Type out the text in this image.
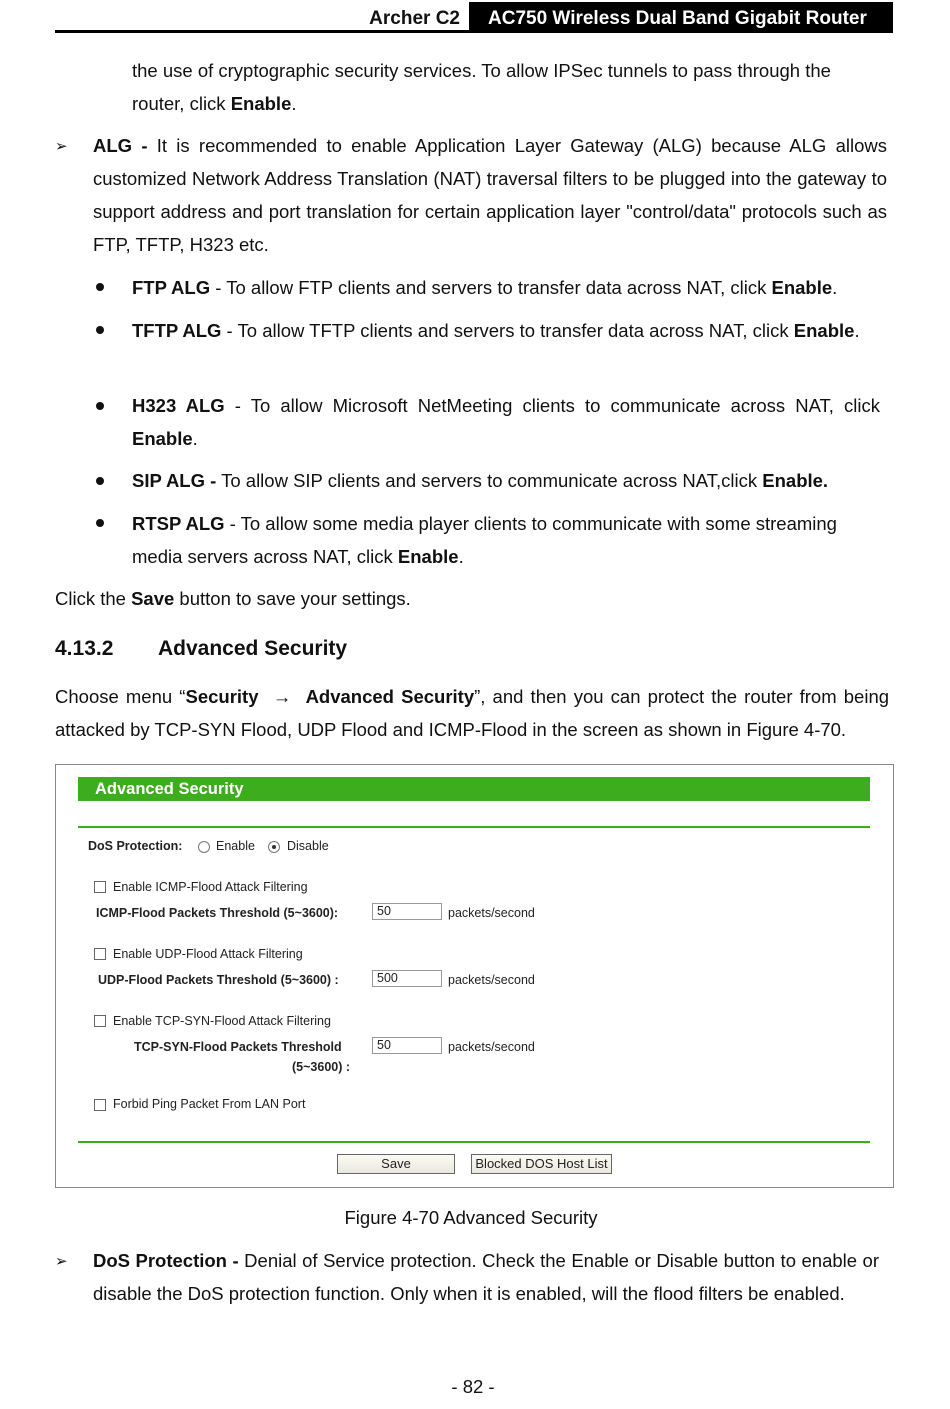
Archer C2 AC750 Wireless Dual Band Gigabit Router
the use of cryptographic security services. To allow IPSec tunnels to pass through the
router, click Enable.
➢ ALG - It is recommended to enable Application Layer Gateway (ALG) because ALG allows customized Network Address Translation (NAT) traversal filters to be plugged into the gateway to support address and port translation for certain application layer "control/data" protocols such as FTP, TFTP, H323 etc.
FTP ALG - To allow FTP clients and servers to transfer data across NAT, click Enable.
TFTP ALG - To allow TFTP clients and servers to transfer data across NAT, click Enable.
H323 ALG - To allow Microsoft NetMeeting clients to communicate across NAT, click Enable.
SIP ALG - To allow SIP clients and servers to communicate across NAT,click Enable.
RTSP ALG - To allow some media player clients to communicate with some streaming media servers across NAT, click Enable.
Click the Save button to save your settings.
4.13.2 Advanced Security
Choose menu “Security → Advanced Security”, and then you can protect the router from being attacked by TCP-SYN Flood, UDP Flood and ICMP-Flood in the screen as shown in Figure 4-70.
Advanced Security
DoS Protection:	Enable	Disable
Enable ICMP-Flood Attack Filtering
ICMP-Flood Packets Threshold (5~3600):	50	packets/second
Enable UDP-Flood Attack Filtering
UDP-Flood Packets Threshold (5~3600) :	500	packets/second
Enable TCP-SYN-Flood Attack Filtering
TCP-SYN-Flood Packets Threshold
(5~3600) :
50	packets/second
Forbid Ping Packet From LAN Port
Save	Blocked DOS Host List
Figure 4-70 Advanced Security
➢ DoS Protection - Denial of Service protection. Check the Enable or Disable button to enable or disable the DoS protection function. Only when it is enabled, will the flood filters be enabled.
- 82 -
